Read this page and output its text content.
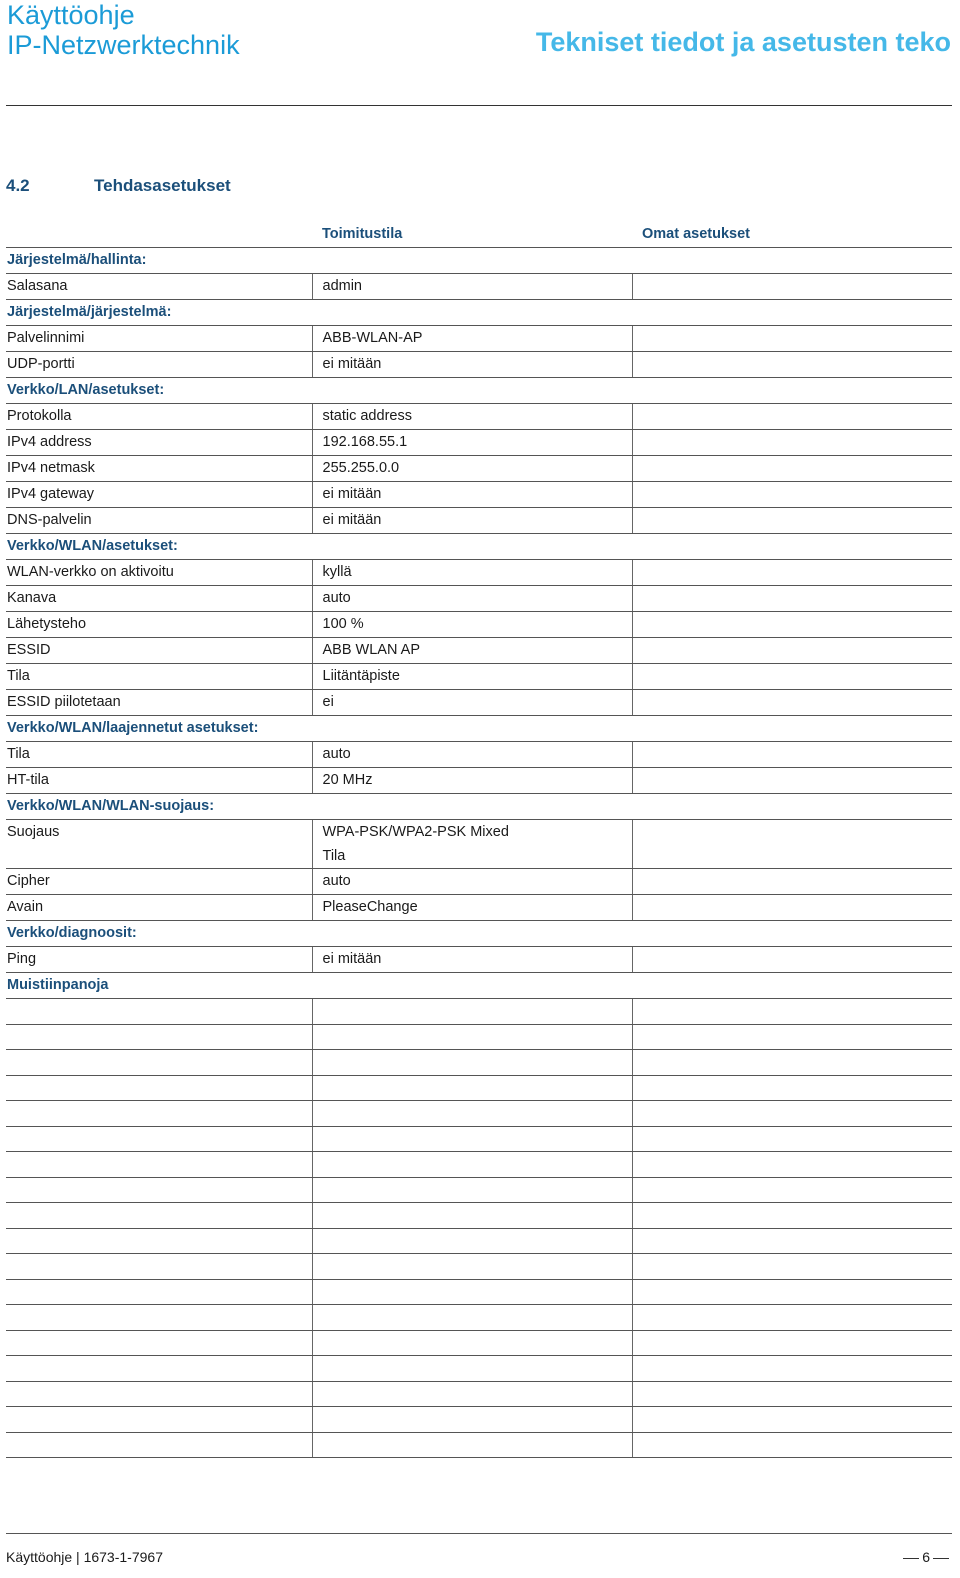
Käyttöohje
IP-Netzwerktechnik	Tekniset tiedot ja asetusten teko
4.2	Tehdasasetukset
	Toimitustila	Omat asetukset
Järjestelmä/hallinta:		
Salasana	admin	

Järjestelmä/järjestelmä:		
Palvelinnimi	ABB-WLAN-AP	

UDP-portti	ei mitään	

Verkko/LAN/asetukset:		
Protokolla	static address	

IPv4 address	192.168.55.1	

IPv4 netmask	255.255.0.0	

IPv4 gateway	ei mitään	

DNS-palvelin	ei mitään	

Verkko/WLAN/asetukset:		
WLAN-verkko on aktivoitu	kyllä	

Kanava	auto	

Lähetysteho	100 %	

ESSID	ABB WLAN AP	

Tila	Liitäntäpiste	

ESSID piilotetaan	ei	

Verkko/WLAN/laajennetut asetukset:		
Tila	auto	

HT-tila	20 MHz	

Verkko/WLAN/WLAN-suojaus:		
Suojaus	WPA-PSK/WPA2-PSK Mixed
Tila	

Cipher	auto	

Avain	PleaseChange	

Verkko/diagnoosit:		
Ping	ei mitään	

Muistiinpanoja		

Käyttöohje | 1673-1-7967	6
